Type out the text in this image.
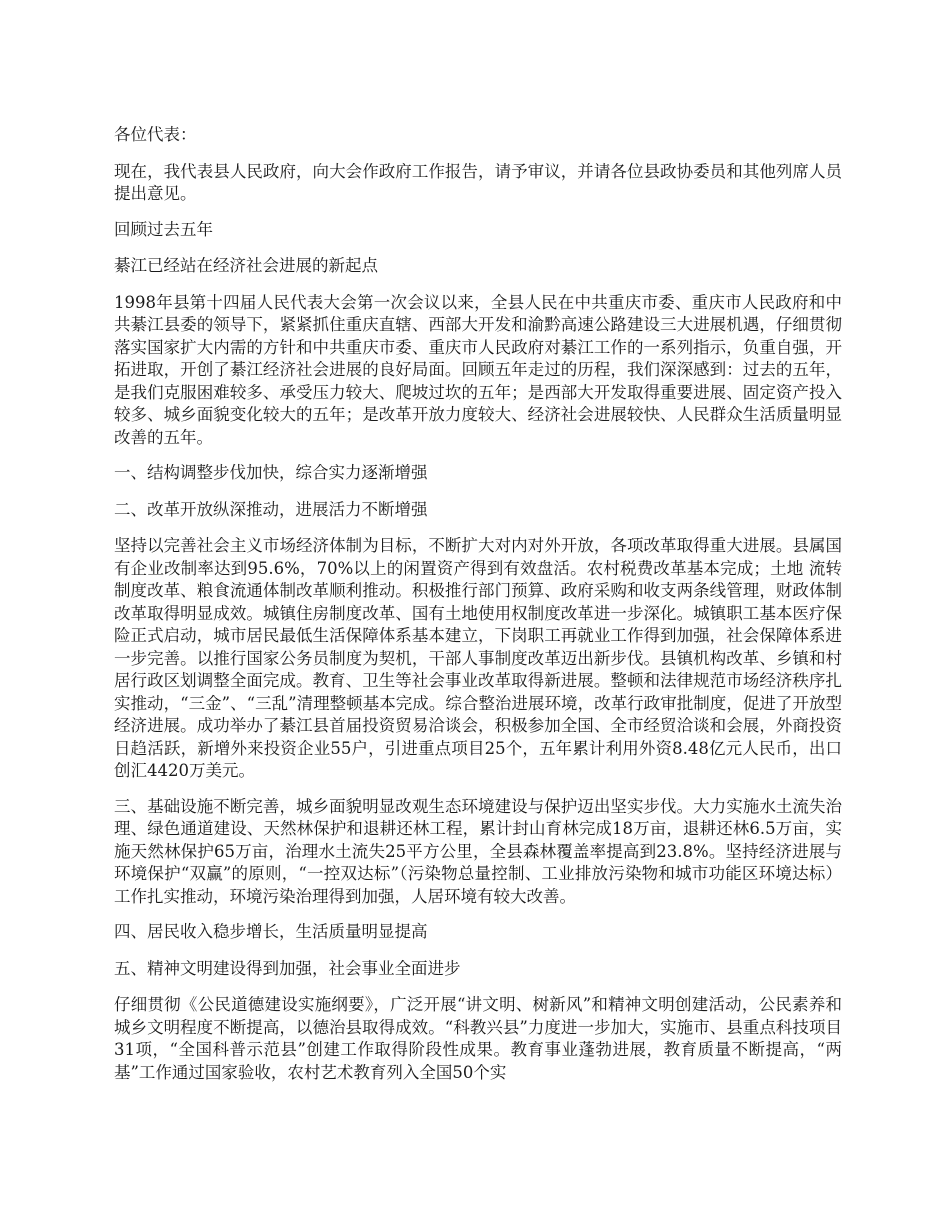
各位代表：

现在，我代表县人民政府，向大会作政府工作报告，请予审议，并请各位县政协委员和其他列席人员提出意见。

回顾过去五年

綦江已经站在经济社会进展的新起点

1998年县第十四届人民代表大会第一次会议以来，全县人民在中共重庆市委、重庆市人民政府和中共綦江县委的领导下，紧紧抓住重庆直辖、西部大开发和渝黔高速公路建设三大进展机遇，仔细贯彻落实国家扩大内需的方针和中共重庆市委、重庆市人民政府对綦江工作的一系列指示，负重自强，开拓进取，开创了綦江经济社会进展的良好局面。回顾五年走过的历程，我们深深感到：过去的五年，是我们克服困难较多、承受压力较大、爬坡过坎的五年；是西部大开发取得重要进展、固定资产投入较多、城乡面貌变化较大的五年；是改革开放力度较大、经济社会进展较快、人民群众生活质量明显改善的五年。

一、结构调整步伐加快，综合实力逐渐增强

二、改革开放纵深推动，进展活力不断增强

坚持以完善社会主义市场经济体制为目标，不断扩大对内对外开放，各项改革取得重大进展。县属国有企业改制率达到95.6%，70%以上的闲置资产得到有效盘活。农村税费改革基本完成；土地 流转制度改革、粮食流通体制改革顺利推动。积极推行部门预算、政府采购和收支两条线管理，财政体制改革取得明显成效。城镇住房制度改革、国有土地使用权制度改革进一步深化。城镇职工基本医疗保险正式启动，城市居民最低生活保障体系基本建立，下岗职工再就业工作得到加强，社会保障体系进一步完善。以推行国家公务员制度为契机，干部人事制度改革迈出新步伐。县镇机构改革、乡镇和村居行政区划调整全面完成。教育、卫生等社会事业改革取得新进展。整顿和法律规范市场经济秩序扎实推动，“三金”、“三乱”清理整顿基本完成。综合整治进展环境，改革行政审批制度，促进了开放型经济进展。成功举办了綦江县首届投资贸易洽谈会，积极参加全国、全市经贸洽谈和会展，外商投资日趋活跃，新增外来投资企业55户，引进重点项目25个，五年累计利用外资8.48亿元人民币，出口创汇4420万美元。

三、基础设施不断完善，城乡面貌明显改观生态环境建设与保护迈出坚实步伐。大力实施水土流失治理、绿色通道建设、天然林保护和退耕还林工程，累计封山育林完成18万亩，退耕还林6.5万亩，实施天然林保护65万亩，治理水土流失25平方公里，全县森林覆盖率提高到23.8%。坚持经济进展与环境保护“双赢”的原则，“一控双达标”（污染物总量控制、工业排放污染物和城市功能区环境达标）工作扎实推动，环境污染治理得到加强，人居环境有较大改善。

四、居民收入稳步增长，生活质量明显提高

五、精神文明建设得到加强，社会事业全面进步

仔细贯彻《公民道德建设实施纲要》，广泛开展“讲文明、树新风”和精神文明创建活动，公民素养和城乡文明程度不断提高，以德治县取得成效。“科教兴县”力度进一步加大，实施市、县重点科技项目31项，“全国科普示范县”创建工作取得阶段性成果。教育事业蓬勃进展，教育质量不断提高，“两基”工作通过国家验收，农村艺术教育列入全国50个实
